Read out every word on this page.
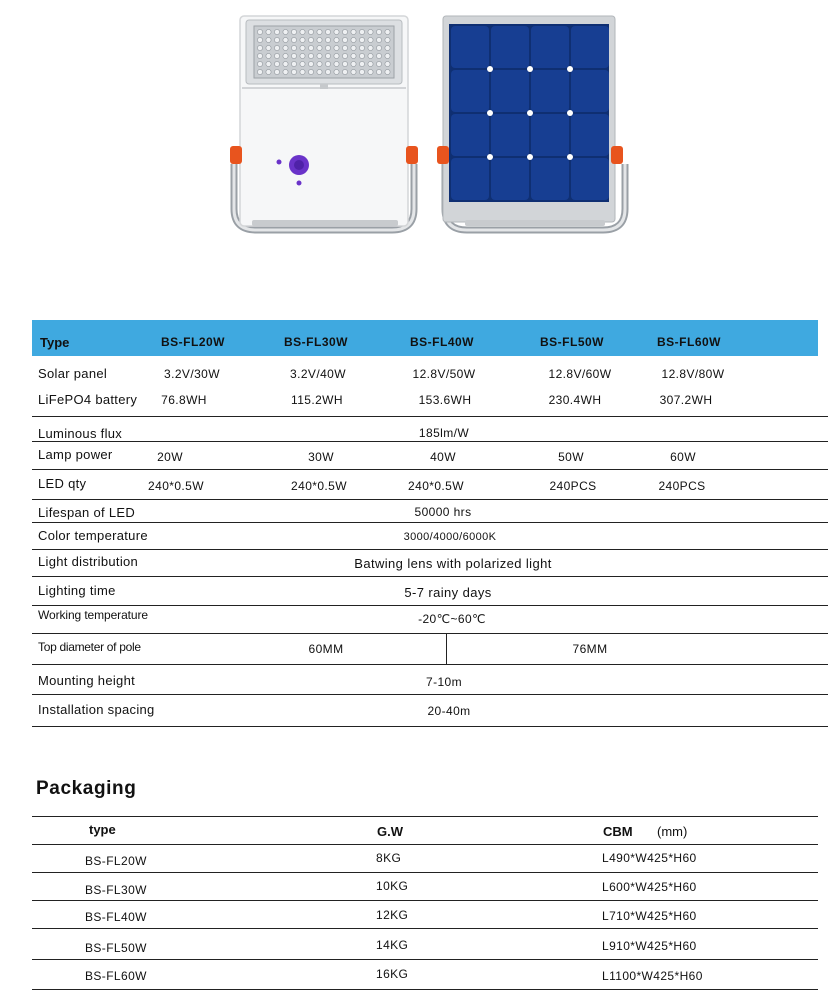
Type	BS-FL20W	BS-FL30W	BS-FL40W	BS-FL50W	BS-FL60W
Solar panel	3.2V/30W	3.2V/40W	12.8V/50W	12.8V/60W	12.8V/80W
LiFePO4 battery 76.8WH	115.2WH	153.6WH	230.4WH	307.2WH
Luminous flux	185lm/W
Lamp power	20W	30W	40W	50W	60W
LED qty	240*0.5W	240*0.5W	240*0.5W	240PCS	240PCS
Lifespan of LED	50000 hrs
Color temperature	3000/4000/6000K
Light distribution	Batwing lens with polarized light
Lighting time	5-7 rainy days
Working temperature	-20℃~60℃
Top diameter of pole	60MM	76MM
Mounting height	7-10m
Installation spacing	20-40m
Packaging
type	G.W	CBM (mm)
BS-FL20W	8KG	L490*W425*H60
BS-FL30W	10KG	L600*W425*H60
BS-FL40W	12KG	L710*W425*H60
BS-FL50W	14KG	L910*W425*H60
BS-FL60W	16KG	L1100*W425*H60
